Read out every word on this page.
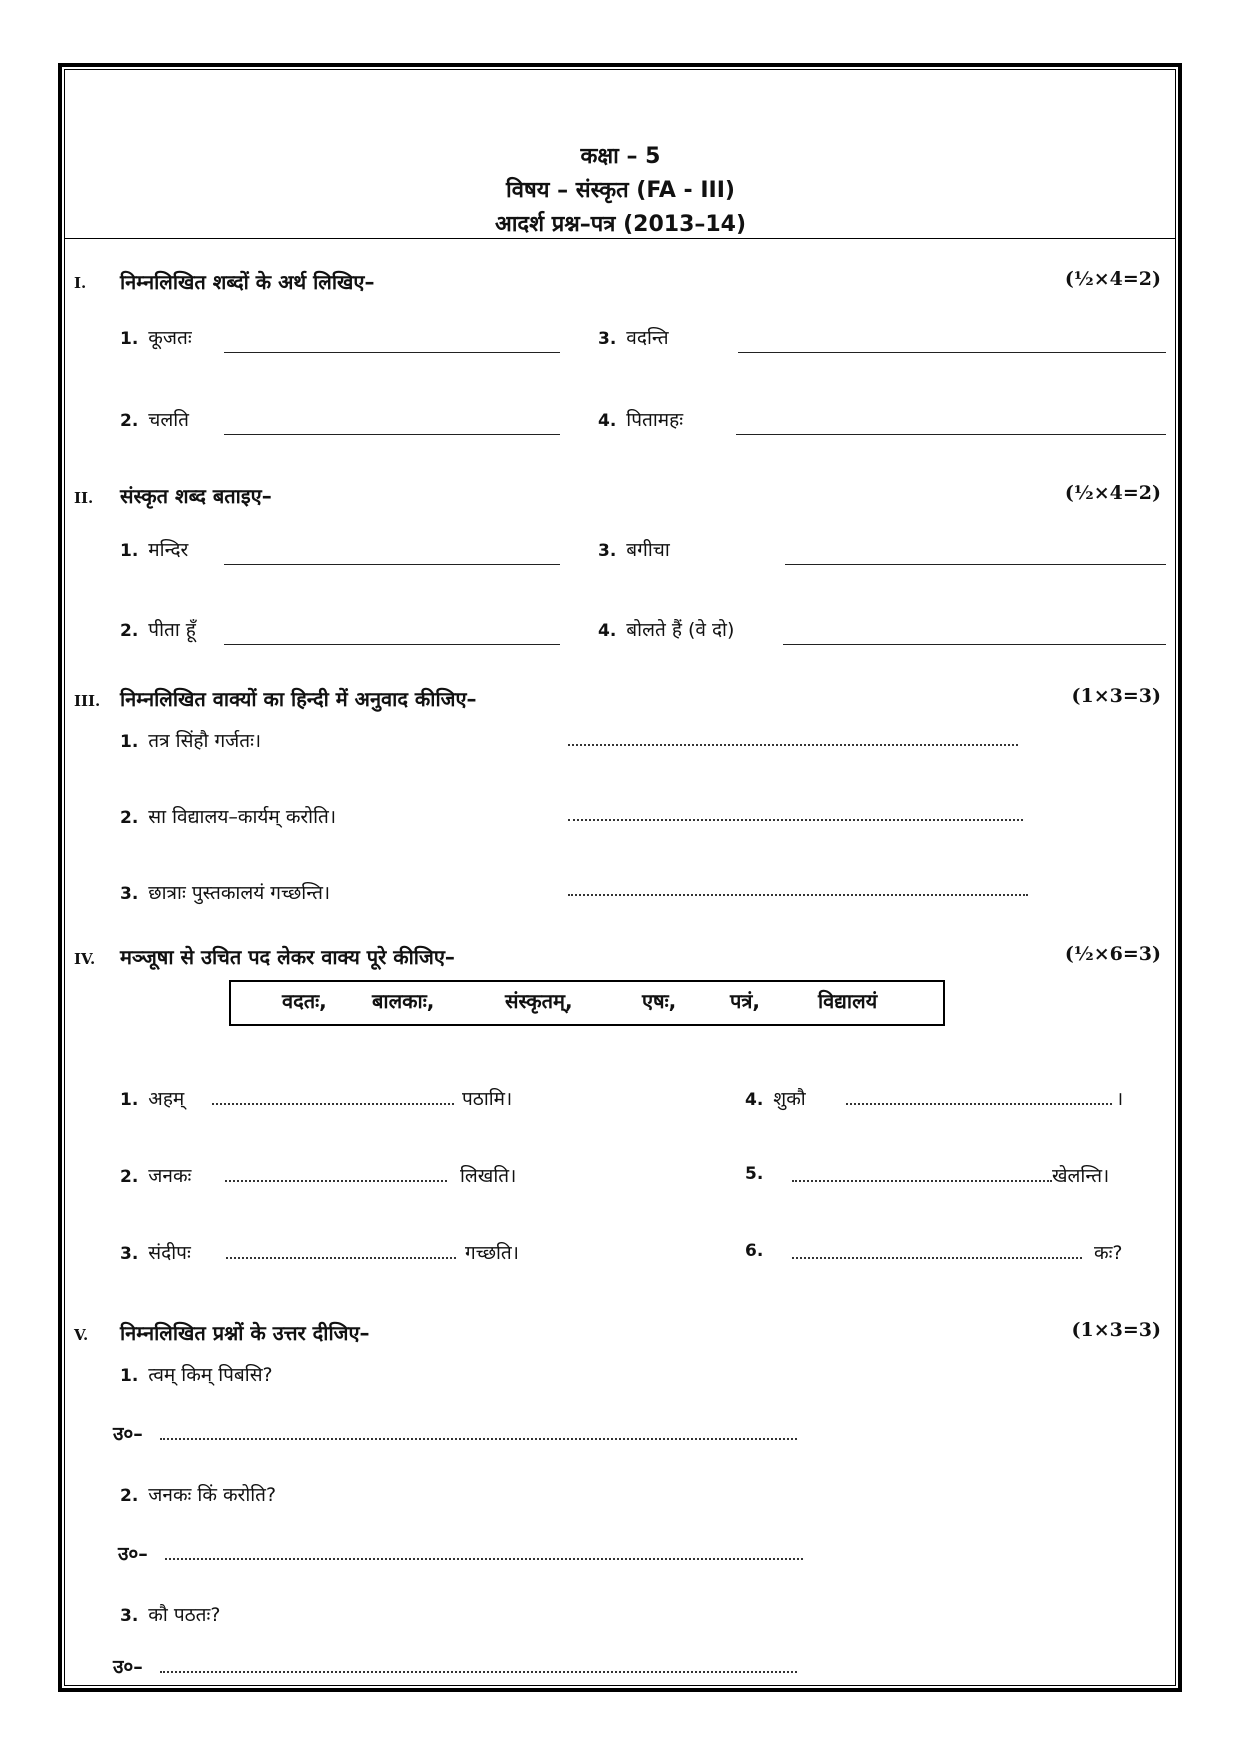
कक्षा – 5
विषय – संस्कृत (FA - III)
आदर्श प्रश्न–पत्र (2013–14)
I. निम्नलिखित शब्दों के अर्थ लिखिए–	(½×4=2)
1. कूजतः	3. वदन्ति
2. चलति	4. पितामहः
II. संस्कृत शब्द बताइए–	(½×4=2)
1. मन्दिर	3. बगीचा
2. पीता हूँ	4. बोलते हैं (वे दो)
III. निम्नलिखित वाक्यों का हिन्दी में अनुवाद कीजिए–	(1×3=3)
1. तत्र सिंहौ गर्जतः।
2. सा विद्यालय–कार्यम् करोति।
3. छात्राः पुस्तकालयं गच्छन्ति।
IV. मञ्जूषा से उचित पद लेकर वाक्य पूरे कीजिए–	(½×6=3)
वदतः, बालकाः,	संस्कृतम्,	एषः,	पत्रं,	विद्यालयं
1. अहम्	पठामि।	4. शुकौ	।
2. जनकः	लिखति।	5.	खेलन्ति।
3. संदीपः	गच्छति।	6.	कः?
V. निम्नलिखित प्रश्नों के उत्तर दीजिए–	(1×3=3)
1. त्वम् किम् पिबसि?
उ०–
2. जनकः किं करोति?
उ०–
3. कौ पठतः?
उ०–
